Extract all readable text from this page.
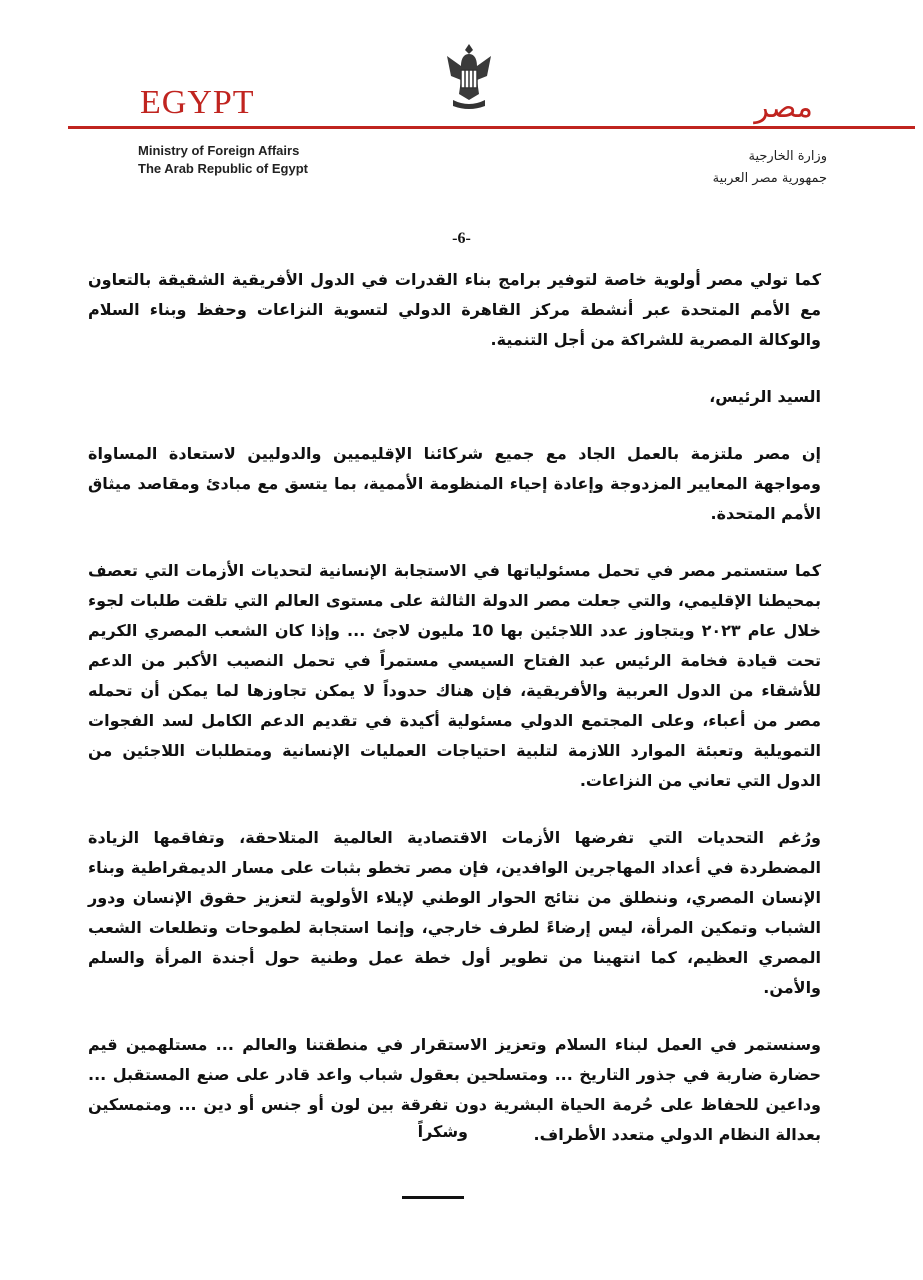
EGYPT	مصر
Ministry of Foreign Affairs
The Arab Republic of Egypt
وزارة الخارجية
جمهورية مصر العربية
-6-

كما تولي مصر أولوية خاصة لتوفير برامج بناء القدرات في الدول الأفريقية الشقيقة بالتعاون مع الأمم المتحدة عبر أنشطة مركز القاهرة الدولي لتسوية النزاعات وحفظ وبناء السلام والوكالة المصرية للشراكة من أجل التنمية.

السيد الرئيس،

إن مصر ملتزمة بالعمل الجاد مع جميع شركائنا الإقليميين والدوليين لاستعادة المساواة ومواجهة المعايير المزدوجة وإعادة إحياء المنظومة الأممية، بما يتسق مع مبادئ ومقاصد ميثاق الأمم المتحدة.

كما ستستمر مصر في تحمل مسئولياتها في الاستجابة الإنسانية لتحديات الأزمات التي تعصف بمحيطنا الإقليمي، والتي جعلت مصر الدولة الثالثة على مستوى العالم التي تلقت طلبات لجوء خلال عام ٢٠٢٣ ويتجاوز عدد اللاجئين بها 10 مليون لاجئ ... وإذا كان الشعب المصري الكريم تحت قيادة فخامة الرئيس عبد الفتاح السيسي مستمراً في تحمل النصيب الأكبر من الدعم للأشقاء من الدول العربية والأفريقية، فإن هناك حدوداً لا يمكن تجاوزها لما يمكن أن تحمله مصر من أعباء، وعلى المجتمع الدولي مسئولية أكيدة في تقديم الدعم الكامل لسد الفجوات التمويلية وتعبئة الموارد اللازمة لتلبية احتياجات العمليات الإنسانية ومتطلبات اللاجئين من الدول التي تعاني من النزاعات.

ورُغم التحديات التي تفرضها الأزمات الاقتصادية العالمية المتلاحقة، وتفاقمها الزيادة المضطردة في أعداد المهاجرين الوافدين، فإن مصر تخطو بثبات على مسار الديمقراطية وبناء الإنسان المصري، وننطلق من نتائج الحوار الوطني لإيلاء الأولوية لتعزيز حقوق الإنسان ودور الشباب وتمكين المرأة، ليس إرضاءً لطرف خارجي، وإنما استجابة لطموحات وتطلعات الشعب المصري العظيم، كما انتهينا من تطوير أول خطة عمل وطنية حول أجندة المرأة والسلم والأمن.

وسنستمر في العمل لبناء السلام وتعزيز الاستقرار في منطقتنا والعالم ... مستلهمين قيم حضارة ضاربة في جذور التاريخ ... ومتسلحين بعقول شباب واعد قادر على صنع المستقبل ... وداعين للحفاظ على حُرمة الحياة البشرية دون تفرقة بين لون أو جنس أو دين ... ومتمسكين بعدالة النظام الدولي متعدد الأطراف.

وشكراً
